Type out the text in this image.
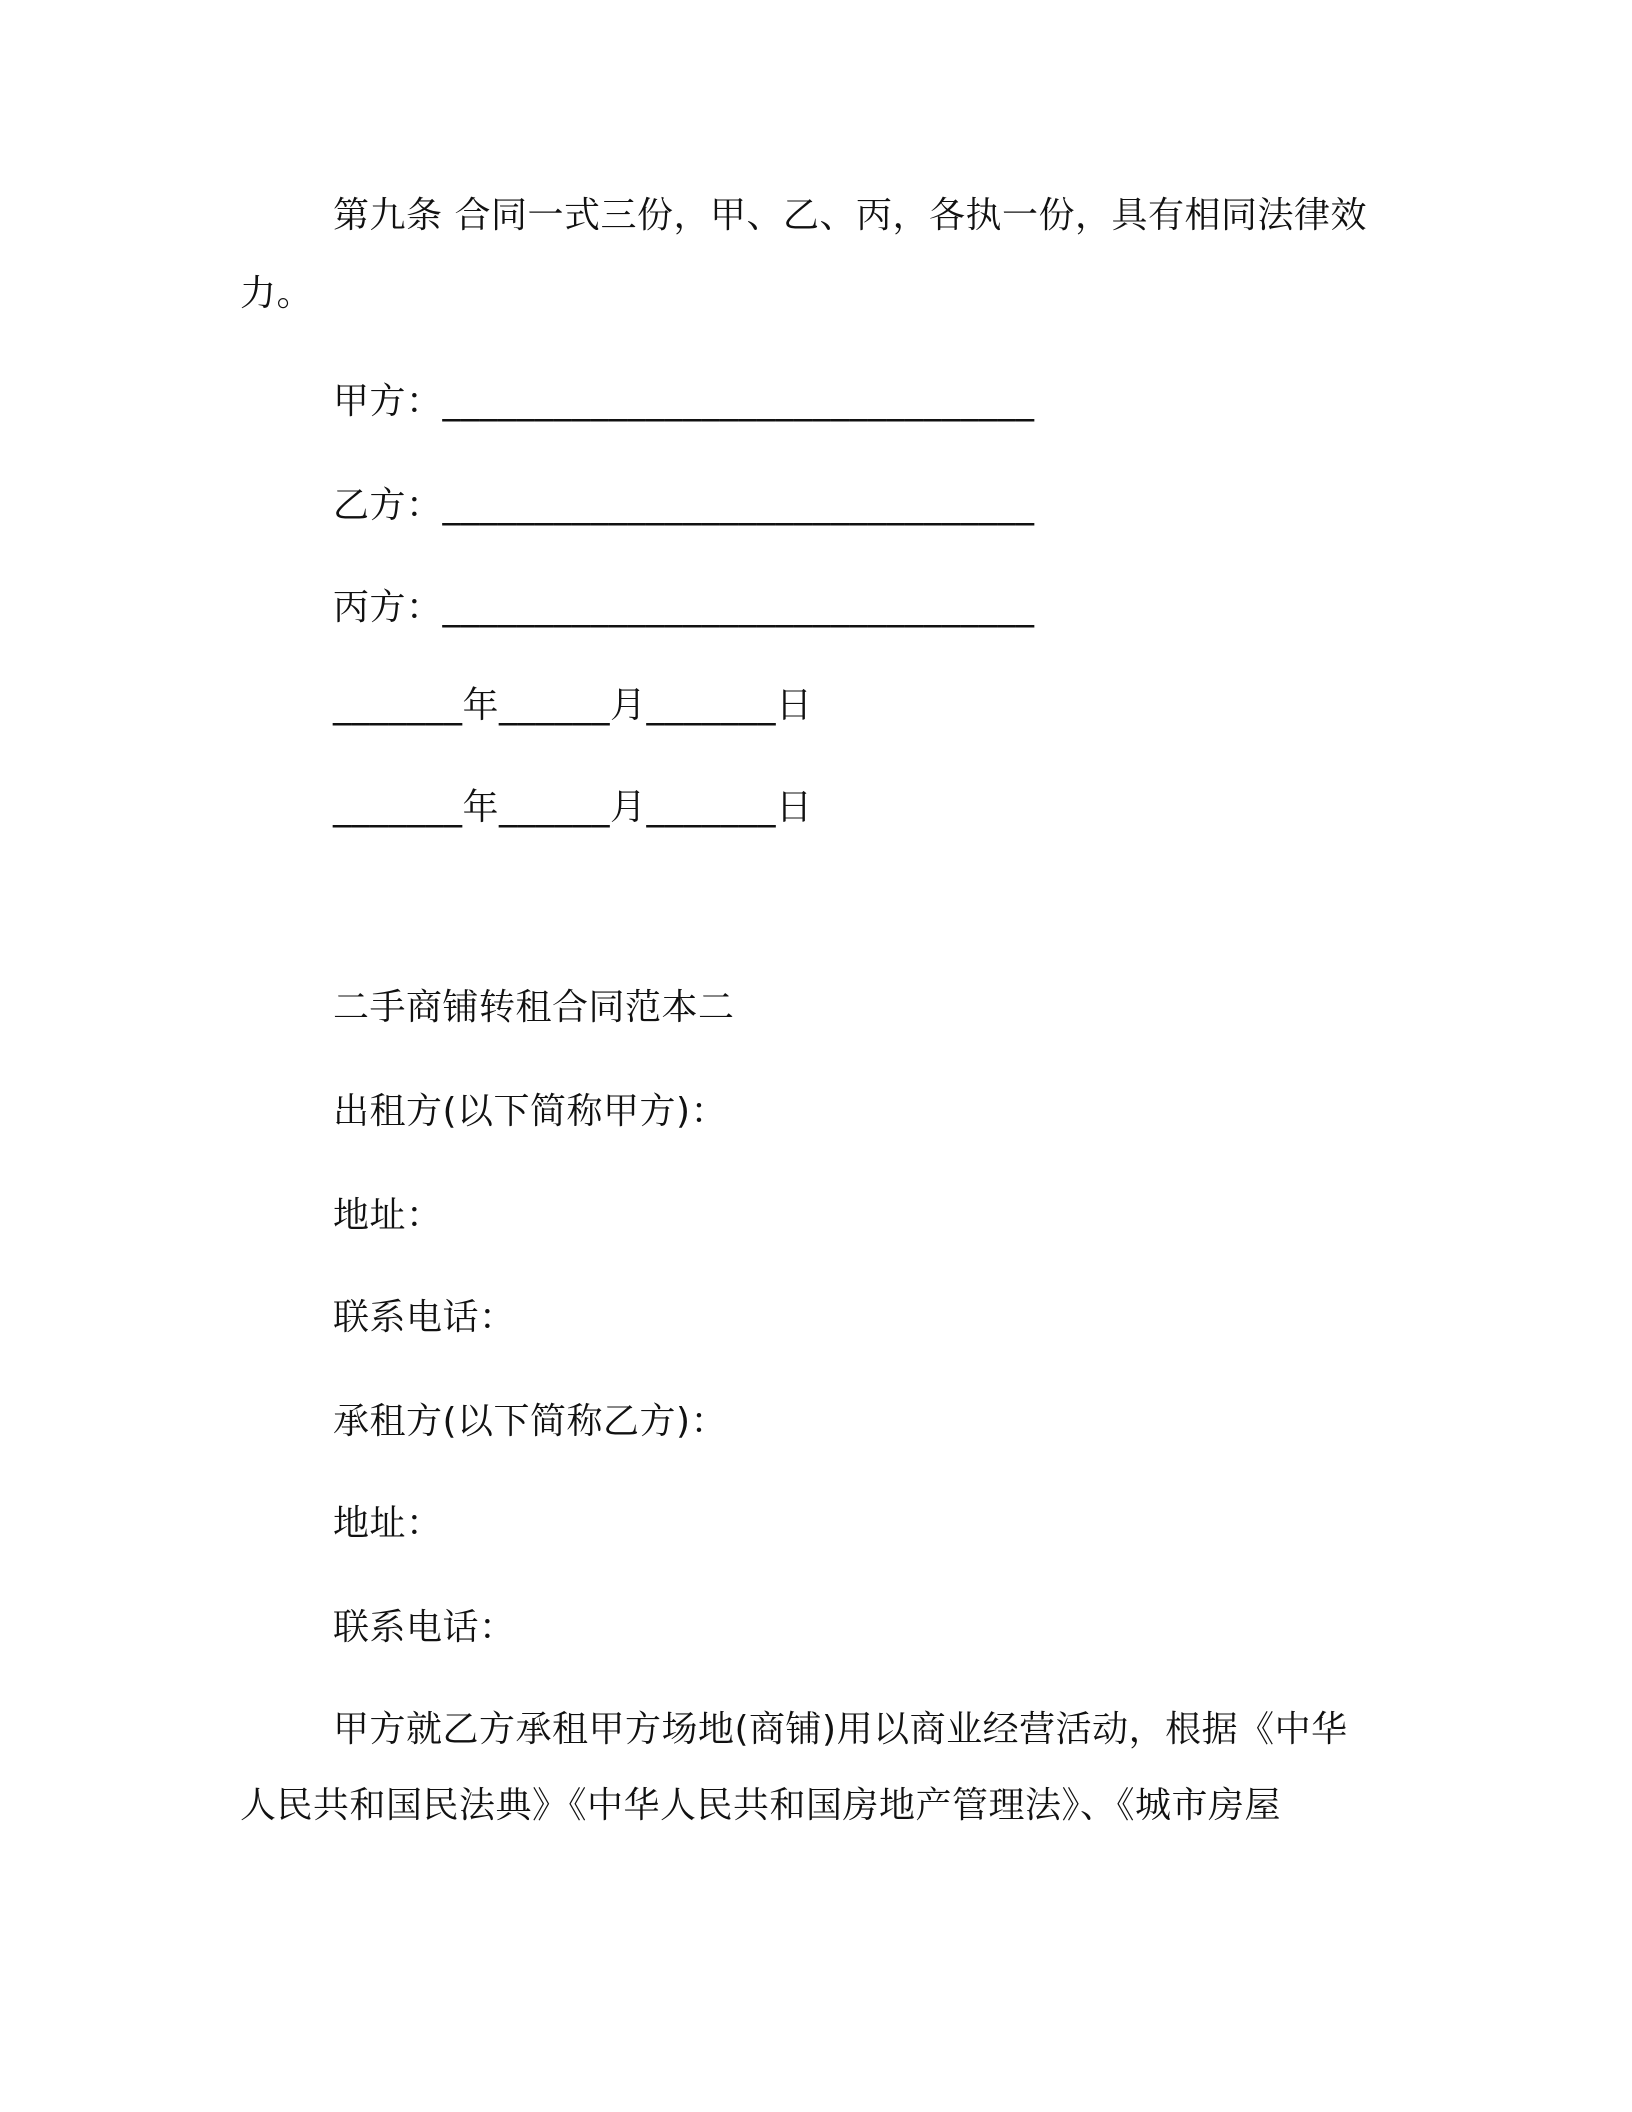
第九条 合同一式三份，甲、乙、丙，各执一份，具有相同法律效
力。
甲方：________________________________
乙方：________________________________
丙方：________________________________
_______年______月_______日
_______年______月_______日
二手商铺转租合同范本二
出租方(以下简称甲方)：
地址：
联系电话：
承租方(以下简称乙方)：
地址：
联系电话：
甲方就乙方承租甲方场地(商铺)用以商业经营活动，根据《中华
人民共和国民法典》《中华人民共和国房地产管理法》、《城市房屋
